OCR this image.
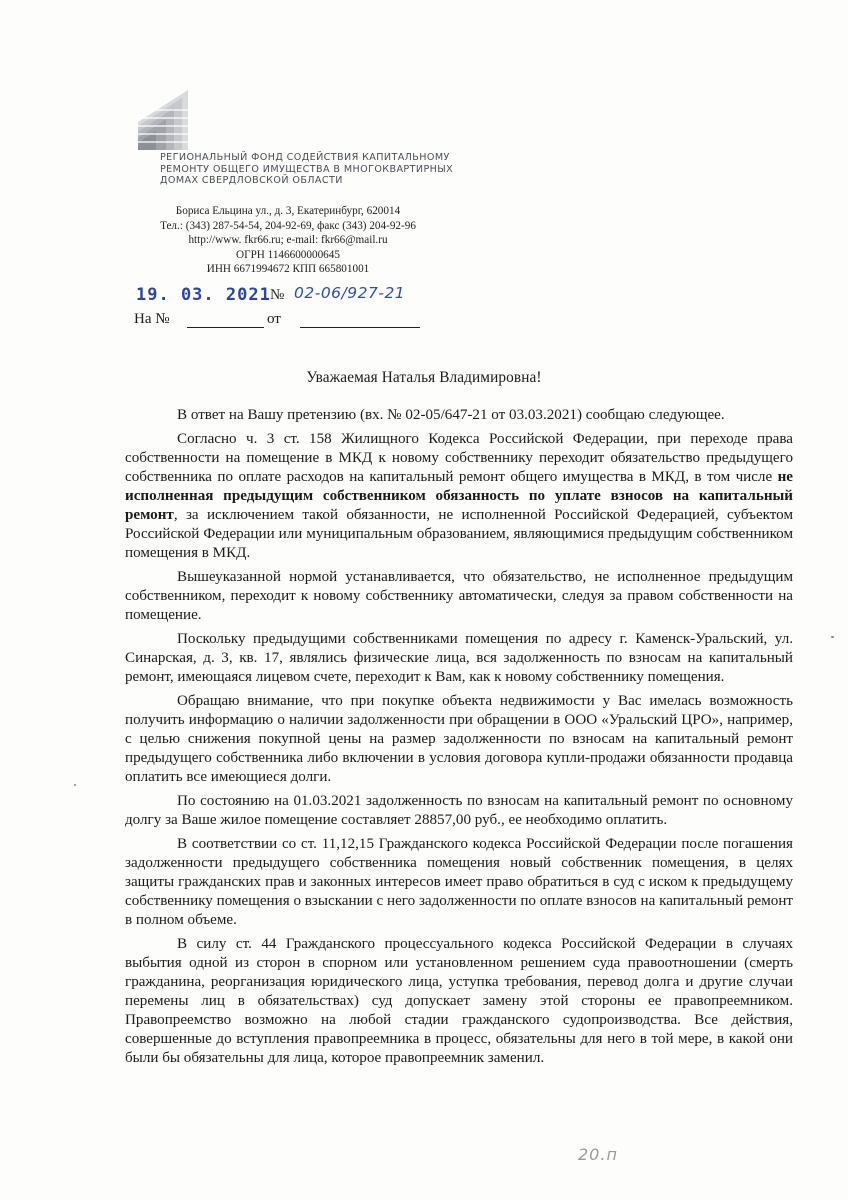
РЕГИОНАЛЬНЫЙ ФОНД СОДЕЙСТВИЯ КАПИТАЛЬНОМУ
РЕМОНТУ ОБЩЕГО ИМУЩЕСТВА В МНОГОКВАРТИРНЫХ
ДОМАХ СВЕРДЛОВСКОЙ ОБЛАСТИ
Бориса Ельцина ул., д. 3, Екатеринбург, 620014
Тел.: (343) 287-54-54, 204-92-69, факс (343) 204-92-96
http://www. fkr66.ru; e-mail: fkr66@mail.ru
ОГРН 1146600000645
ИНН 6671994672 КПП 665801001
19. 03. 2021 № 02-06/927-21
На №	от
Уважаемая Наталья Владимировна!

В ответ на Вашу претензию (вх. № 02-05/647-21 от 03.03.2021) сообщаю следующее.

Согласно ч. 3 ст. 158 Жилищного Кодекса Российской Федерации, при переходе права собственности на помещение в МКД к новому собственнику переходит обязательство предыдущего собственника по оплате расходов на капитальный ремонт общего имущества в МКД, в том числе не исполненная предыдущим собственником обязанность по уплате взносов на капитальный ремонт, за исключением такой обязанности, не исполненной Российской Федерацией, субъектом Российской Федерации или муниципальным образованием, являющимися предыдущим собственником помещения в МКД.

Вышеуказанной нормой устанавливается, что обязательство, не исполненное предыдущим собственником, переходит к новому собственнику автоматически, следуя за правом собственности на помещение.

Поскольку предыдущими собственниками помещения по адресу г. Каменск-Уральский, ул. Синарская, д. 3, кв. 17, являлись физические лица, вся задолженность по взносам на капитальный ремонт, имеющаяся лицевом счете, переходит к Вам, как к новому собственнику помещения.

Обращаю внимание, что при покупке объекта недвижимости у Вас имелась возможность получить информацию о наличии задолженности при обращении в ООО «Уральский ЦРО», например, с целью снижения покупной цены на размер задолженности по взносам на капитальный ремонт предыдущего собственника либо включении в условия договора купли-продажи обязанности продавца оплатить все имеющиеся долги.

По состоянию на 01.03.2021 задолженность по взносам на капитальный ремонт по основному долгу за Ваше жилое помещение составляет 28857,00 руб., ее необходимо оплатить.

В соответствии со ст. 11,12,15 Гражданского кодекса Российской Федерации после погашения задолженности предыдущего собственника помещения новый собственник помещения, в целях защиты гражданских прав и законных интересов имеет право обратиться в суд с иском к предыдущему собственнику помещения о взыскании с него задолженности по оплате взносов на капитальный ремонт в полном объеме.

В силу ст. 44 Гражданского процессуального кодекса Российской Федерации в случаях выбытия одной из сторон в спорном или установленном решением суда правоотношении (смерть гражданина, реорганизация юридического лица, уступка требования, перевод долга и другие случаи перемены лиц в обязательствах) суд допускает замену этой стороны ее правопреемником. Правопреемство возможно на любой стадии гражданского судопроизводства. Все действия, совершенные до вступления правопреемника в процесс, обязательны для него в той мере, в какой они были бы обязательны для лица, которое правопреемник заменил.

20.п
